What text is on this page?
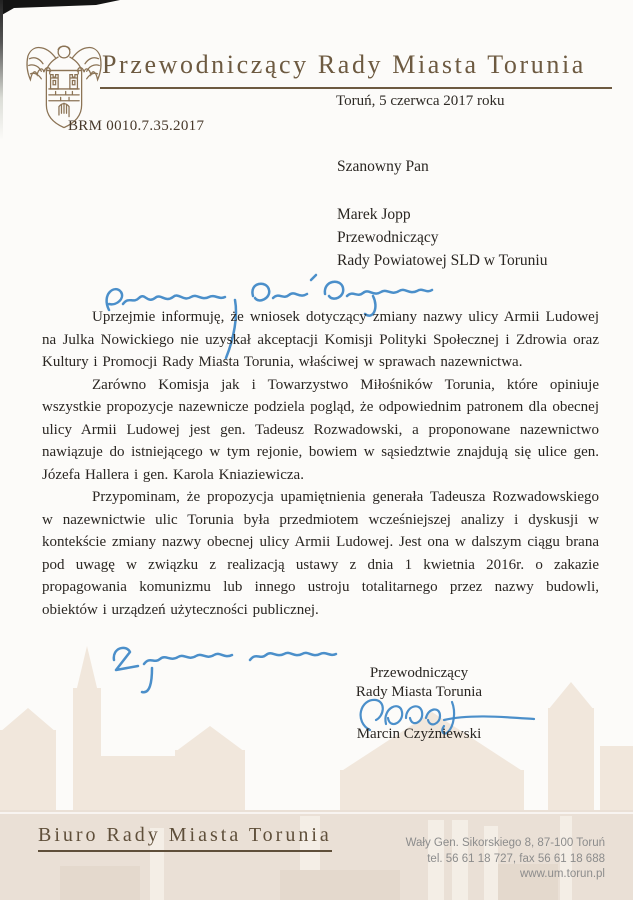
Przewodniczący Rady Miasta Torunia
Toruń, 5 czerwca 2017 roku
BRM 0010.7.35.2017
Szanowny Pan
Marek Jopp
Przewodniczący
Rady Powiatowej SLD w Toruniu

Uprzejmie informuję, że wniosek dotyczący zmiany nazwy ulicy Armii Ludowej na Julka Nowickiego nie uzyskał akceptacji Komisji Polityki Społecznej i Zdrowia oraz Kultury i Promocji Rady Miasta Torunia, właściwej w sprawach nazewnictwa.

Zarówno Komisja jak i Towarzystwo Miłośników Torunia, które opiniuje wszystkie propozycje nazewnicze podziela pogląd, że odpowiednim patronem dla obecnej ulicy Armii Ludowej jest gen. Tadeusz Rozwadowski, a proponowane nazewnictwo nawiązuje do istniejącego w tym rejonie, bowiem w sąsiedztwie znajdują się ulice gen. Józefa Hallera i gen. Karola Kniaziewicza.

Przypominam, że propozycja upamiętnienia generała Tadeusza Rozwadowskiego w nazewnictwie ulic Torunia była przedmiotem wcześniejszej analizy i dyskusji w kontekście zmiany nazwy obecnej ulicy Armii Ludowej. Jest ona w dalszym ciągu brana pod uwagę w związku z realizacją ustawy z dnia 1 kwietnia 2016r. o zakazie propagowania komunizmu lub innego ustroju totalitarnego przez nazwy budowli, obiektów i urządzeń użyteczności publicznej.

Przewodniczący
Rady Miasta Torunia
Marcin Czyżniewski
Biuro Rady Miasta Torunia	Wały Gen. Sikorskiego 8, 87-100 Toruń
tel. 56 61 18 727, fax 56 61 18 688
www.um.torun.pl
